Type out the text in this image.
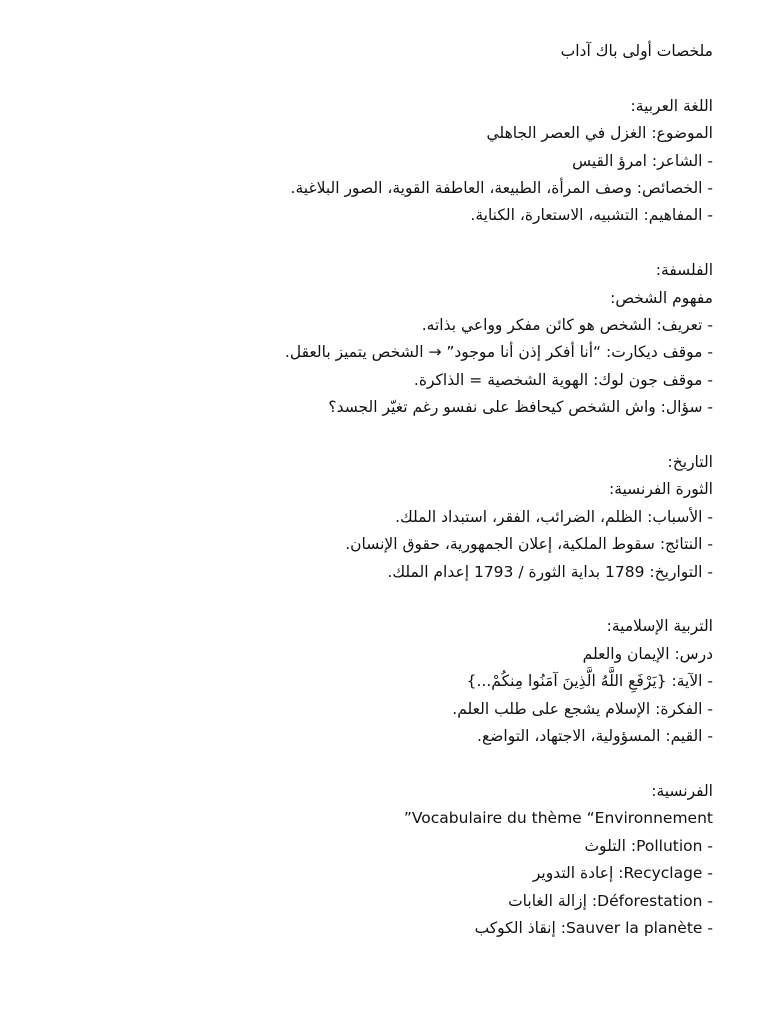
ملخصات أولى باك آداب
اللغة العربية:
الموضوع: الغزل في العصر الجاهلي
- الشاعر: امرؤ القيس
- الخصائص: وصف المرأة، الطبيعة، العاطفة القوية، الصور البلاغية.
- المفاهيم: التشبيه، الاستعارة، الكناية.
الفلسفة:
مفهوم الشخص:
- تعريف: الشخص هو كائن مفكر وواعي بذاته.
- موقف ديكارت: “أنا أفكر إذن أنا موجود” → الشخص يتميز بالعقل.
- موقف جون لوك: الهوية الشخصية = الذاكرة.
- سؤال: واش الشخص كيحافظ على نفسو رغم تغيّر الجسد؟
التاريخ:
الثورة الفرنسية:
- الأسباب: الظلم، الضرائب، الفقر، استبداد الملك.
- النتائج: سقوط الملكية، إعلان الجمهورية، حقوق الإنسان.
- التواريخ: 1789 بداية الثورة / 1793 إعدام الملك.
التربية الإسلامية:
درس: الإيمان والعلم
- الآية: {يَرْفَعِ اللَّهُ الَّذِينَ آمَنُوا مِنكُمْ...}
- الفكرة: الإسلام يشجع على طلب العلم.
- القيم: المسؤولية، الاجتهاد، التواضع.
الفرنسية:
Vocabulaire du thème “Environnement”
- Pollution: التلوث
- Recyclage: إعادة التدوير
- Déforestation: إزالة الغابات
- Sauver la planète: إنقاذ الكوكب
